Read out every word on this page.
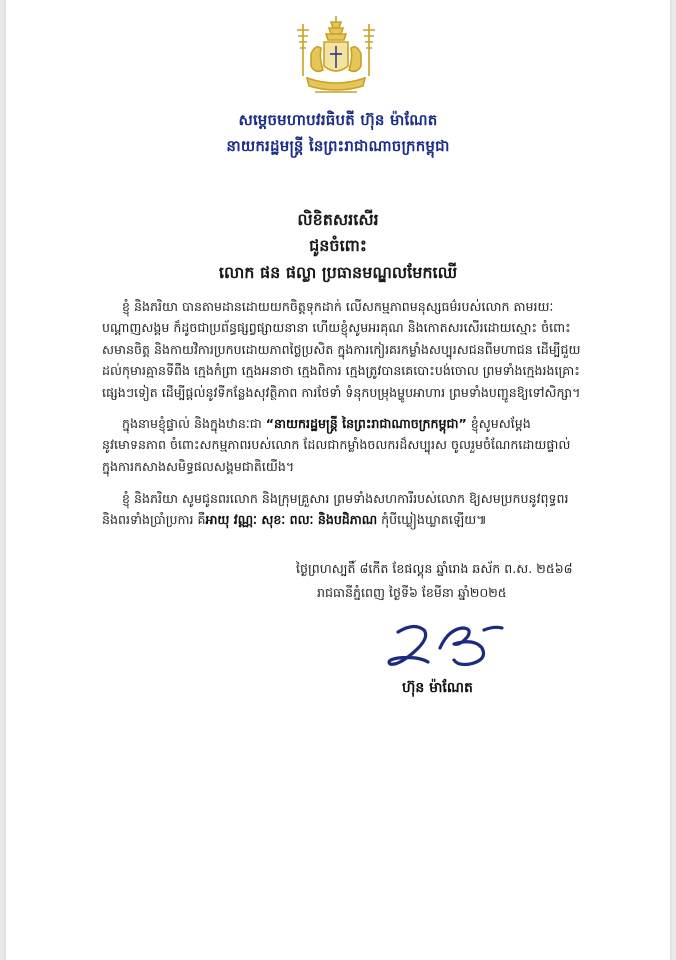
សម្ដេចមហាបវរធិបតី ហ៊ុន ម៉ាណែត
នាយករដ្ឋមន្ត្រី នៃព្រះរាជាណាចក្រកម្ពុជា
លិខិតសរសើរ
ជូនចំពោះ
លោក ផន ផល្លា ប្រធានមណ្ឌលមែកឈើ
ខ្ញុំ និងភរិយា បានតាមដានដោយយកចិត្តទុកដាក់ លើសកម្មភាពមនុស្សធម៌របស់លោក តាមរយៈ
បណ្ដាញសង្គម ក៏ដូចជាប្រព័ន្ធផ្សព្វផ្សាយនានា ហើយខ្ញុំសូមអរគុណ និងកោតសរសើរដោយស្មោះ ចំពោះ
សមានចិត្ត និងកាយវិការប្រកបដោយភាពថ្លៃប្រសិត ក្នុងការកៀរគរកម្លាំងសប្បុរសជនពីមហាជន ដើម្បីជួយ
ដល់កុមារគ្មានទីពឹង ក្មេងកំព្រា ក្មេងអនាថា ក្មេងពិការ ក្មេងត្រូវបានគេបោះបង់ចោល ព្រមទាំងក្មេងរងគ្រោះ
ផ្សេងៗទៀត ដើម្បីផ្ដល់នូវទីកន្លែងសុវត្ថិភាព ការថែទាំ ទំនុកបម្រុងម្ហូបអាហារ ព្រមទាំងបញ្ជូនឱ្យទៅសិក្សា។
ក្នុងនាមខ្ញុំផ្ទាល់ និងក្នុងឋានៈជា “នាយករដ្ឋមន្ត្រី នៃព្រះរាជាណាចក្រកម្ពុជា” ខ្ញុំសូមសម្ដែង
នូវមោទនភាព ចំពោះសកម្មភាពរបស់លោក ដែលជាកម្លាំងចលករដ៏សប្បុរស ចូលរួមចំណែកដោយផ្ទាល់
ក្នុងការកសាងសមិទ្ធផលសង្គមជាតិយើង។
ខ្ញុំ និងភរិយា សូមជូនពរលោក និងក្រុមគ្រួសារ ព្រមទាំងសហការីរបស់លោក ឱ្យសមប្រកបនូវពុទ្ធពរ
និងពរទាំងប្រាំប្រការ គឺអាយុ វណ្ណៈ សុខៈ ពលៈ និងបដិភាណ កុំបីឃ្លៀងឃ្លាតឡើយ៕
ថ្ងៃព្រហស្បតិ៍ ៨កើត ខែផល្គុន ឆ្នាំរោង ឆស័ក ព.ស. ២៥៦៨
រាជធានីភ្នំពេញ ថ្ងៃទី៦ ខែមីនា ឆ្នាំ២០២៥
ហ៊ុន ម៉ាណែត
